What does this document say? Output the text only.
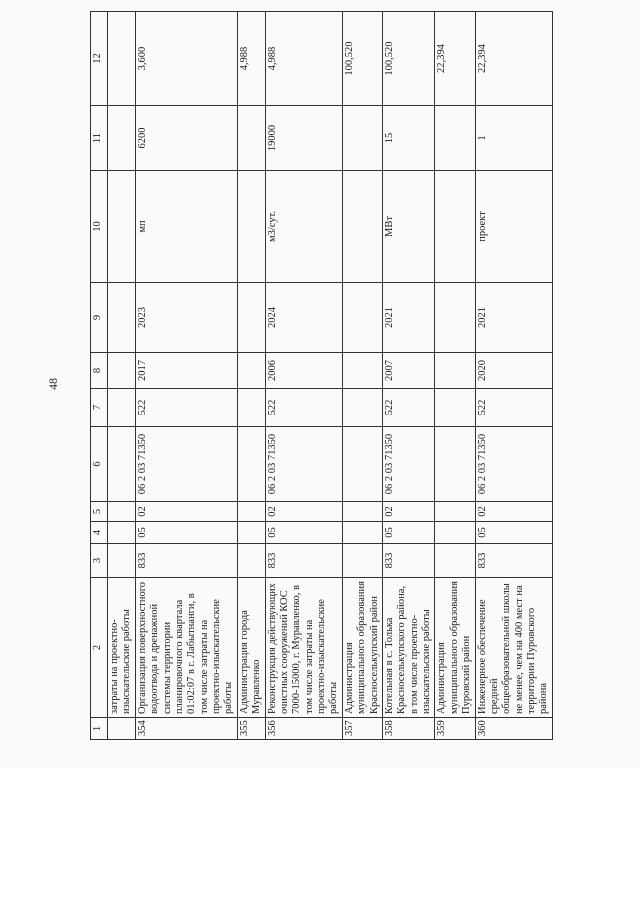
48
1	2	3	4	5	6	7	8	9	10	11	12
	затраты на проектно-изыскательские работы										
354	Организация поверхностного водоотвода и дренажной системы территории планировочного квартала 01:02:07 в г. Лабытнанги, в том числе затраты на проектно-изыскательские работы	833	05	02	06 2 03 71350	522	2017	2023	мп	6200	3,600
355	Администрация города Муравленко										4,988
356	Реконструкция действующих очистных сооружений КОС 7000-15000, г. Муравленко, в том числе затраты на проектно-изыскательские работы	833	05	02	06 2 03 71350	522	2006	2024	м3/сут.	19000	4,988
357	Администрация муниципального образования Красноселькупский район										100,520
358	Котельная в с. Толька Красноселькупского района, в том числе проектно-изыскательские работы	833	05	02	06 2 03 71350	522	2007	2021	МВт	15	100,520
359	Администрация муниципального образования Пуровский район										22,394
360	Инженерное обеспечение средней общеобразовательной школы не менее, чем на 400 мест на территории Пуровского района	833	05	02	06 2 03 71350	522	2020	2021	проект	1	22,394
